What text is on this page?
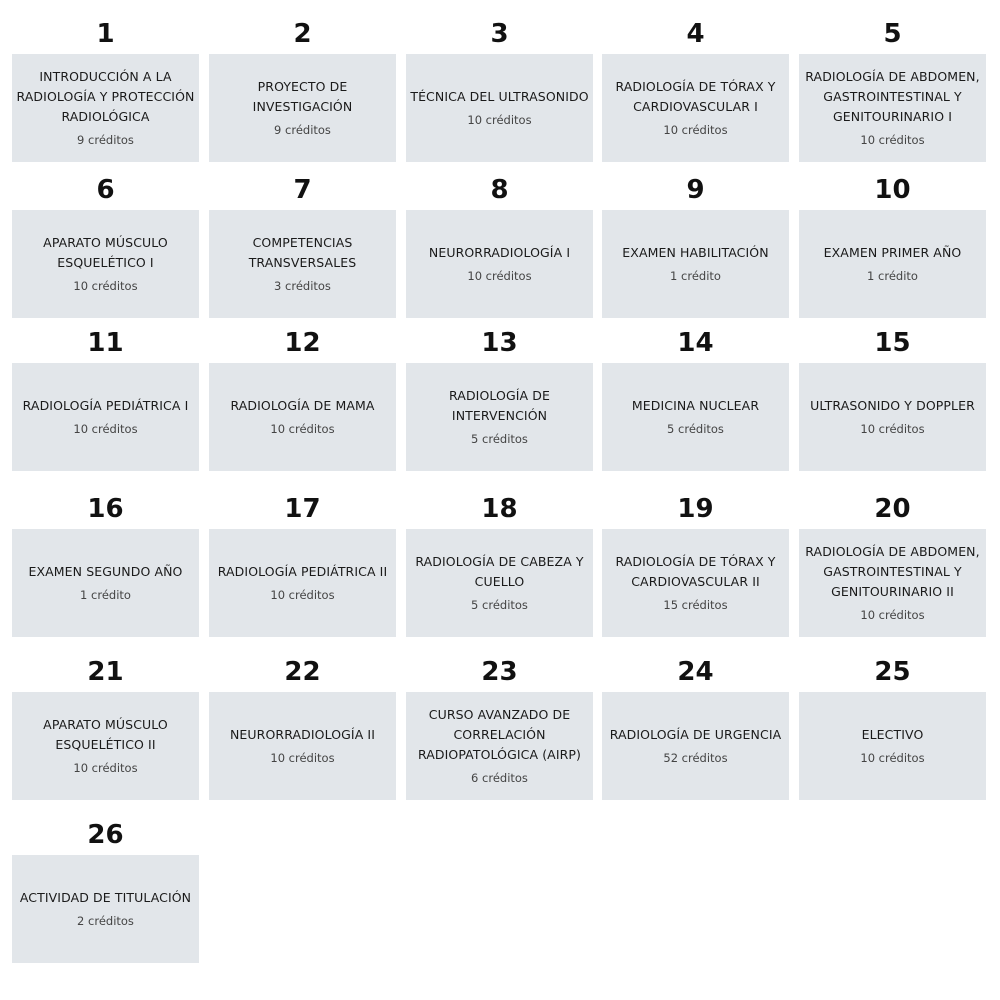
1
INTRODUCCIÓN A LA RADIOLOGÍA Y PROTECCIÓN RADIOLÓGICA
9 créditos
2
PROYECTO DE INVESTIGACIÓN
9 créditos
3
TÉCNICA DEL ULTRASONIDO
10 créditos
4
RADIOLOGÍA DE TÓRAX Y CARDIOVASCULAR I
10 créditos
5
RADIOLOGÍA DE ABDOMEN, GASTROINTESTINAL Y GENITOURINARIO I
10 créditos
6
APARATO MÚSCULO ESQUELÉTICO I
10 créditos
7
COMPETENCIAS TRANSVERSALES
3 créditos
8
NEURORRADIOLOGÍA I
10 créditos
9
EXAMEN HABILITACIÓN
1 crédito
10
EXAMEN PRIMER AÑO
1 crédito
11
RADIOLOGÍA PEDIÁTRICA I
10 créditos
12
RADIOLOGÍA DE MAMA
10 créditos
13
RADIOLOGÍA DE INTERVENCIÓN
5 créditos
14
MEDICINA NUCLEAR
5 créditos
15
ULTRASONIDO Y DOPPLER
10 créditos
16
EXAMEN SEGUNDO AÑO
1 crédito
17
RADIOLOGÍA PEDIÁTRICA II
10 créditos
18
RADIOLOGÍA DE CABEZA Y CUELLO
5 créditos
19
RADIOLOGÍA DE TÓRAX Y CARDIOVASCULAR II
15 créditos
20
RADIOLOGÍA DE ABDOMEN, GASTROINTESTINAL Y GENITOURINARIO II
10 créditos
21
APARATO MÚSCULO ESQUELÉTICO II
10 créditos
22
NEURORRADIOLOGÍA II
10 créditos
23
CURSO AVANZADO DE CORRELACIÓN RADIOPATOLÓGICA (AIRP)
6 créditos
24
RADIOLOGÍA DE URGENCIA
52 créditos
25
ELECTIVO
10 créditos
26
ACTIVIDAD DE TITULACIÓN
2 créditos
